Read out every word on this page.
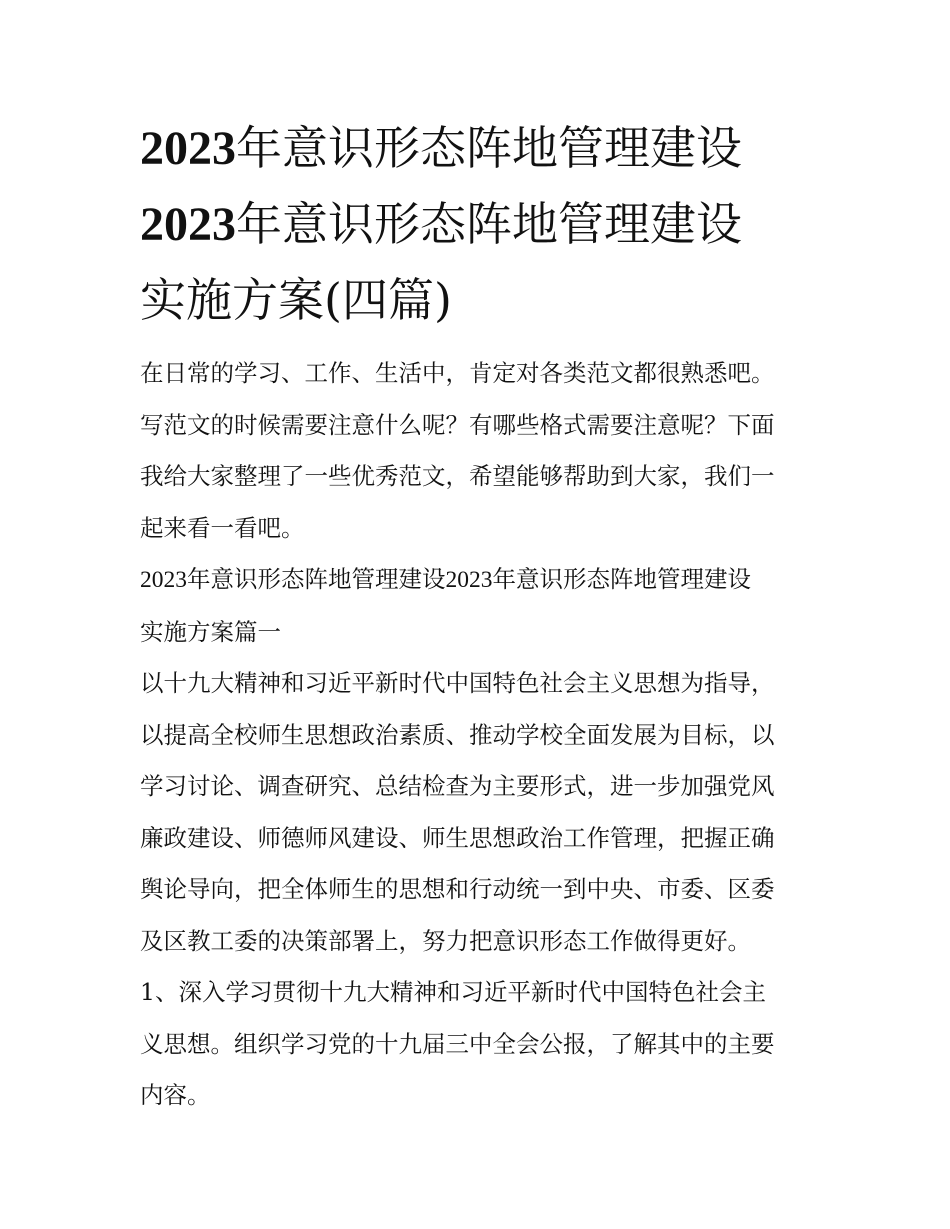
2023年意识形态阵地管理建设
2023年意识形态阵地管理建设
实施方案(四篇)
在日常的学习、工作、生活中，肯定对各类范文都很熟悉吧。
写范文的时候需要注意什么呢？有哪些格式需要注意呢？下面
我给大家整理了一些优秀范文，希望能够帮助到大家，我们一
起来看一看吧。
2023年意识形态阵地管理建设2023年意识形态阵地管理建设
实施方案篇一
以十九大精神和习近平新时代中国特色社会主义思想为指导，
以提高全校师生思想政治素质、推动学校全面发展为目标，以
学习讨论、调查研究、总结检查为主要形式，进一步加强党风
廉政建设、师德师风建设、师生思想政治工作管理，把握正确
舆论导向，把全体师生的思想和行动统一到中央、市委、区委
及区教工委的决策部署上，努力把意识形态工作做得更好。
1、深入学习贯彻十九大精神和习近平新时代中国特色社会主
义思想。组织学习党的十九届三中全会公报，了解其中的主要
内容。
